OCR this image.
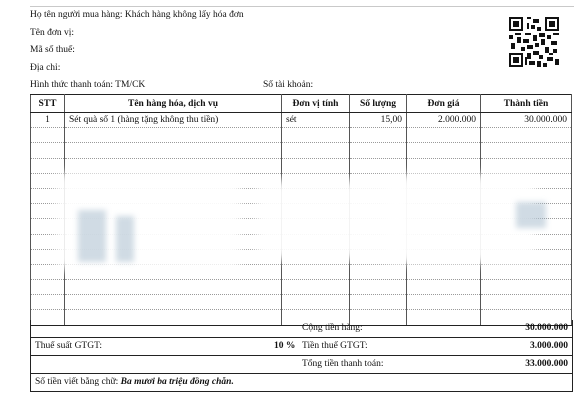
Họ tên người mua hàng: Khách hàng không lấy hóa đơn
Tên đơn vị:
Mã số thuế:
Địa chỉ:
Hình thức thanh toán: TM/CK	Số tài khoản:
STT	Tên hàng hóa, dịch vụ	Đơn vị tính	Số lượng	Đơn giá	Thành tiền
1	Sét quà số 1 (hàng tặng không thu tiền)	sét	15,00	2.000.000	30.000.000

Cộng tiền hàng:	30.000.000
Thuế suất GTGT:	10 % Tiền thuế GTGT:	3.000.000
Tổng tiền thanh toán:	33.000.000
Số tiền viết bằng chữ: Ba mươi ba triệu đồng chẵn.
